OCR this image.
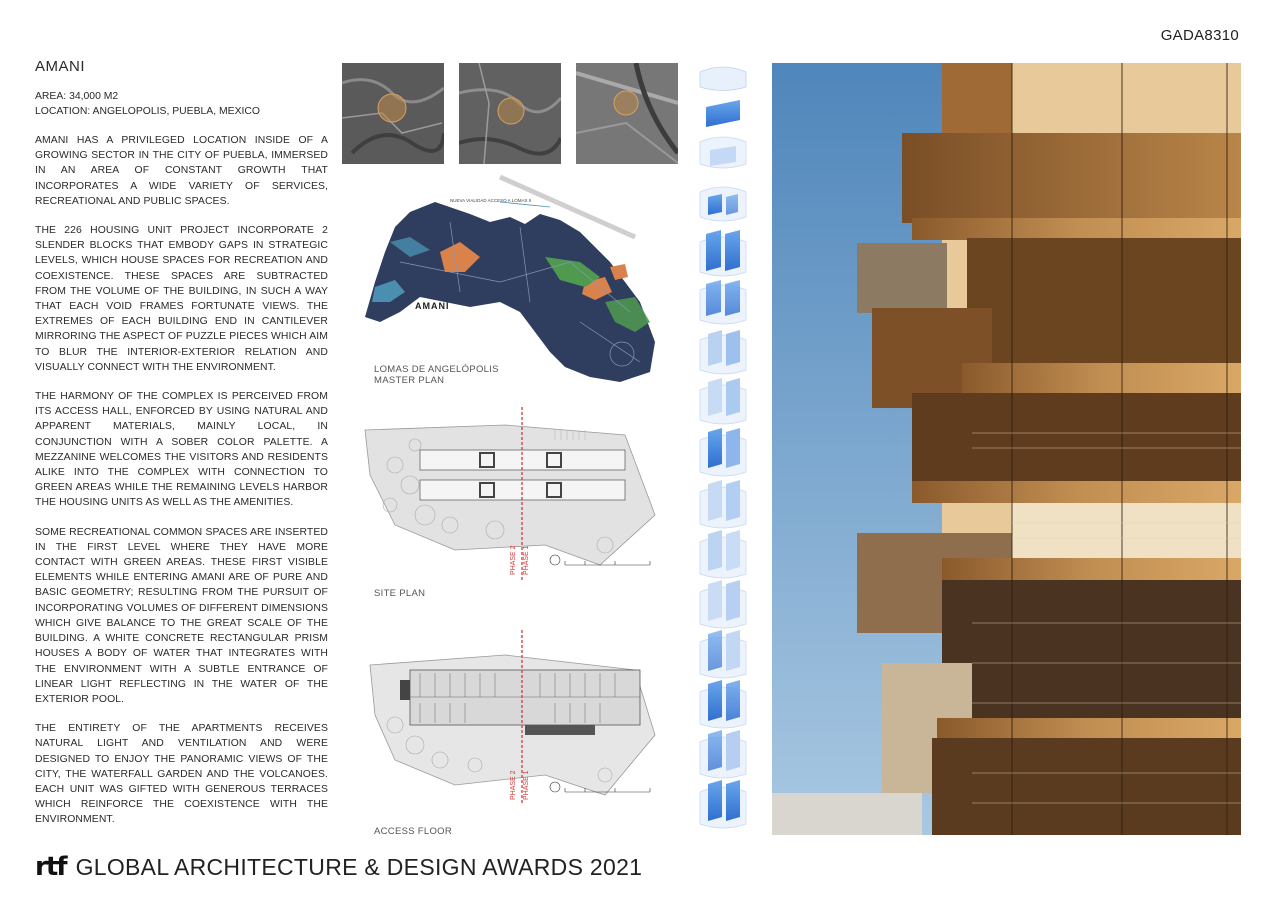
GADA8310
AMANI
AREA: 34,000 M2
LOCATION: ANGELOPOLIS, PUEBLA, MEXICO

AMANI HAS A PRIVILEGED LOCATION INSIDE OF A GROWING SECTOR IN THE CITY OF PUEBLA, IMMERSED IN AN AREA OF CONSTANT GROWTH THAT INCORPORATES A WIDE VARIETY OF SERVICES, RECREATIONAL AND PUBLIC SPACES.

THE 226 HOUSING UNIT PROJECT INCORPORATE 2 SLENDER BLOCKS THAT EMBODY GAPS IN STRATEGIC LEVELS, WHICH HOUSE SPACES FOR RECREATION AND COEXISTENCE. THESE SPACES ARE SUBTRACTED FROM THE VOLUME OF THE BUILDING, IN SUCH A WAY THAT EACH VOID FRAMES FORTUNATE VIEWS. THE EXTREMES OF EACH BUILDING END IN CANTILEVER MIRRORING THE ASPECT OF PUZZLE PIECES WHICH AIM TO BLUR THE INTERIOR-EXTERIOR RELATION AND VISUALLY CONNECT WITH THE ENVIRONMENT.

THE HARMONY OF THE COMPLEX IS PERCEIVED FROM ITS ACCESS HALL, ENFORCED BY USING NATURAL AND APPARENT MATERIALS, MAINLY LOCAL, IN CONJUNCTION WITH A SOBER COLOR PALETTE. A MEZZANINE WELCOMES THE VISITORS AND RESIDENTS ALIKE INTO THE COMPLEX WITH CONNECTION TO GREEN AREAS WHILE THE REMAINING LEVELS HARBOR THE HOUSING UNITS AS WELL AS THE AMENITIES.

SOME RECREATIONAL COMMON SPACES ARE INSERTED IN THE FIRST LEVEL WHERE THEY HAVE MORE CONTACT WITH GREEN AREAS. THESE FIRST VISIBLE ELEMENTS WHILE ENTERING AMANI ARE OF PURE AND BASIC GEOMETRY; RESULTING FROM THE PURSUIT OF INCORPORATING VOLUMES OF DIFFERENT DIMENSIONS WHICH GIVE BALANCE TO THE GREAT SCALE OF THE BUILDING. A WHITE CONCRETE RECTANGULAR PRISM HOUSES A BODY OF WATER THAT INTEGRATES WITH THE ENVIRONMENT WITH A SUBTLE ENTRANCE OF LINEAR LIGHT REFLECTING IN THE WATER OF THE EXTERIOR POOL.

THE ENTIRETY OF THE APARTMENTS RECEIVES NATURAL LIGHT AND VENTILATION AND WERE DESIGNED TO ENJOY THE PANORAMIC VIEWS OF THE CITY, THE WATERFALL GARDEN AND THE VOLCANOES. EACH UNIT WAS GIFTED WITH GENEROUS TERRACES WHICH REINFORCE THE COEXISTENCE WITH THE ENVIRONMENT.

NUEVA VIALIDAD ACCESO A LOMAS II
AMANI
LOMAS DE ANGELÓPOLIS
MASTER PLAN
PHASE 2 PHASE 1
SITE PLAN
PHASE 2 PHASE 1
ACCESS FLOOR
rtf GLOBAL ARCHITECTURE & DESIGN AWARDS 2021
